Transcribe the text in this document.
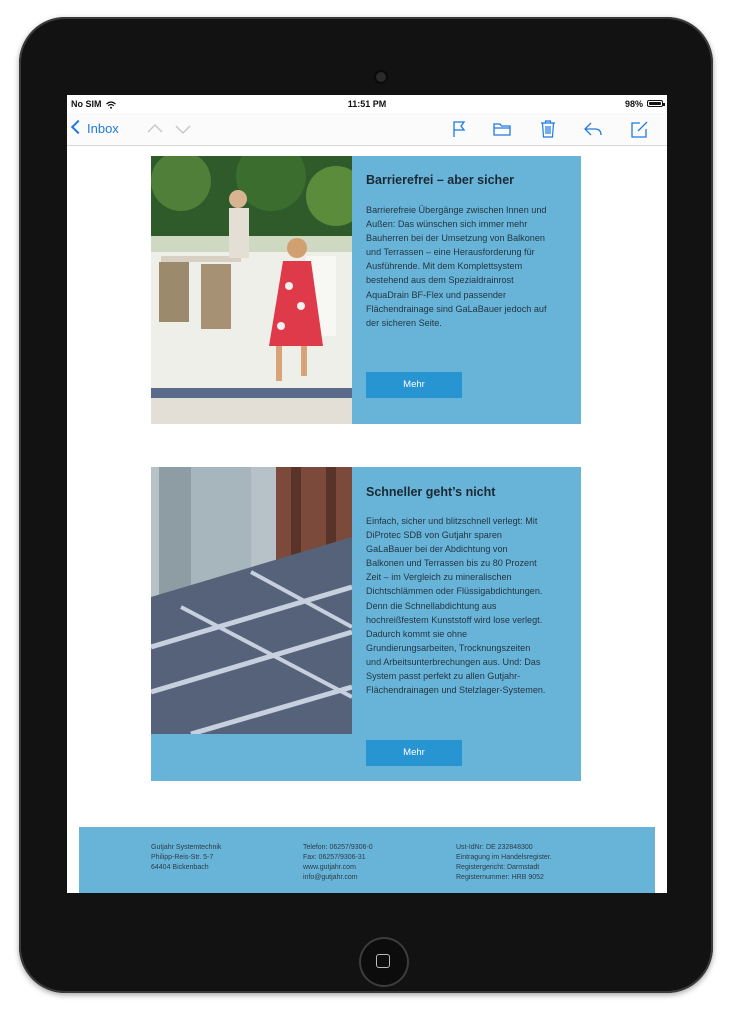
No SIM	11:51 PM	98%
Inbox
Barrierefrei – aber sicher
Barrierefreie Übergänge zwischen Innen und
Außen: Das wünschen sich immer mehr
Bauherren bei der Umsetzung von Balkonen
und Terrassen – eine Herausforderung für
Ausführende. Mit dem Komplettsystem
bestehend aus dem Spezialdrainrost
AquaDrain BF-Flex und passender
Flächendrainage sind GaLaBauer jedoch auf
der sicheren Seite.
Mehr
Schneller geht’s nicht
Einfach, sicher und blitzschnell verlegt: Mit
DiProtec SDB von Gutjahr sparen
GaLaBauer bei der Abdichtung von
Balkonen und Terrassen bis zu 80 Prozent
Zeit – im Vergleich zu mineralischen
Dichtschlämmen oder Flüssigabdichtungen.
Denn die Schnellabdichtung aus
hochreißfestem Kunststoff wird lose verlegt.
Dadurch kommt sie ohne
Grundierungsarbeiten, Trocknungszeiten
und Arbeitsunterbrechungen aus. Und: Das
System passt perfekt zu allen Gutjahr-
Flächendrainagen und Stelzlager-Systemen.
Mehr
Gutjahr Systemtechnik
Philipp-Reis-Str. 5-7
64404 Bickenbach
Telefon: 06257/9306-0
Fax: 06257/9306-31
www.gutjahr.com
info@gutjahr.com
Ust-IdNr: DE 232848300
Eintragung im Handelsregister.
Registergericht: Darmstadt
Registernummer: HRB 9052
